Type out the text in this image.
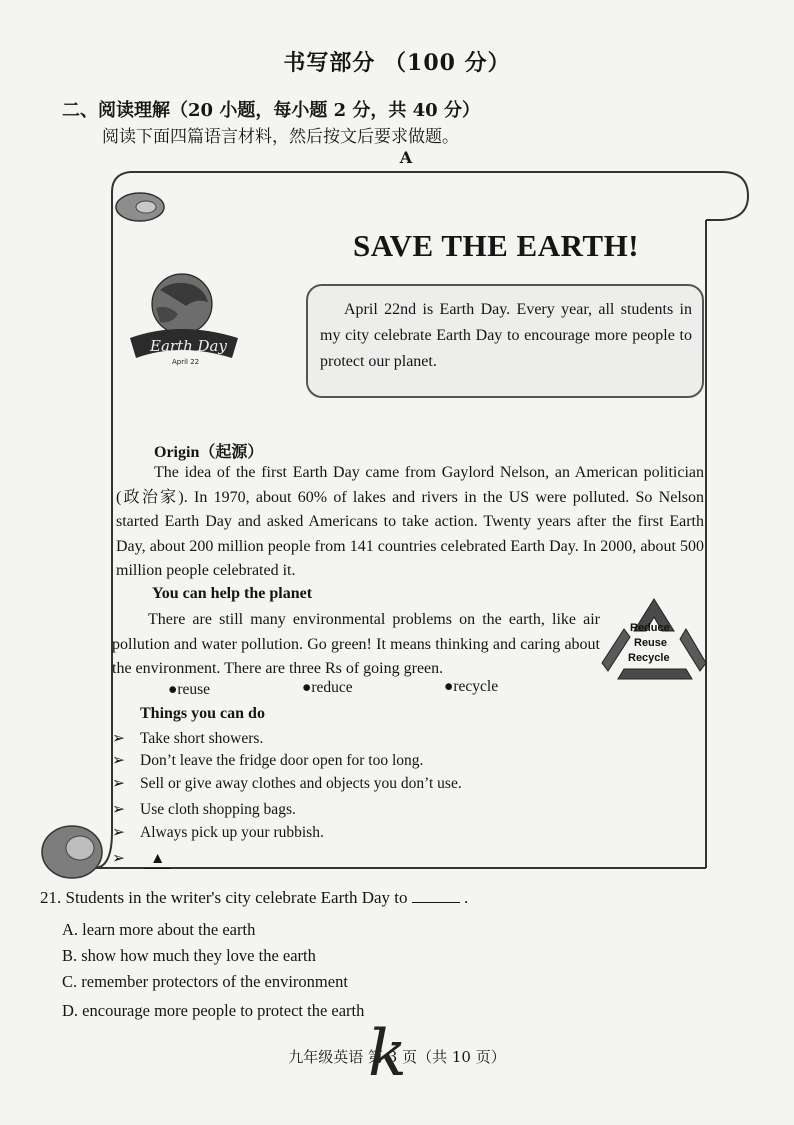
书写部分 （100 分）
二、阅读理解（20 小题，每小题 2 分，共 40 分）
阅读下面四篇语言材料，然后按文后要求做题。
A
Earth Day
April 22
SAVE THE EARTH!
April 22nd is Earth Day. Every year, all students in my city celebrate Earth Day to encourage more people to protect our planet.
Origin（起源）
The idea of the first Earth Day came from Gaylord Nelson, an American politician (政治家). In 1970, about 60% of lakes and rivers in the US were polluted. So Nelson started Earth Day and asked Americans to take action. Twenty years after the first Earth Day, about 200 million people from 141 countries celebrated Earth Day. In 2000, about 500 million people celebrated it.
You can help the planet
There are still many environmental problems on the earth, like air pollution and water pollution. Go green! It means thinking and caring about the environment. There are three Rs of going green.
Reduce
Reuse
Recycle
●reuse	●reduce	●recycle
Things you can do
➢ Take short showers.
➢ Don’t leave the fridge door open for too long.
➢ Sell or give away clothes and objects you don’t use.
➢ Use cloth shopping bags.
➢ Always pick up your rubbish.
➢ ▲
21. Students in the writer's city celebrate Earth Day to	.
A. learn more about the earth
B. show how much they love the earth
C. remember protectors of the environment
D. encourage more people to protect the earth
九年级英语 第 3 页（共 10 页）
k
